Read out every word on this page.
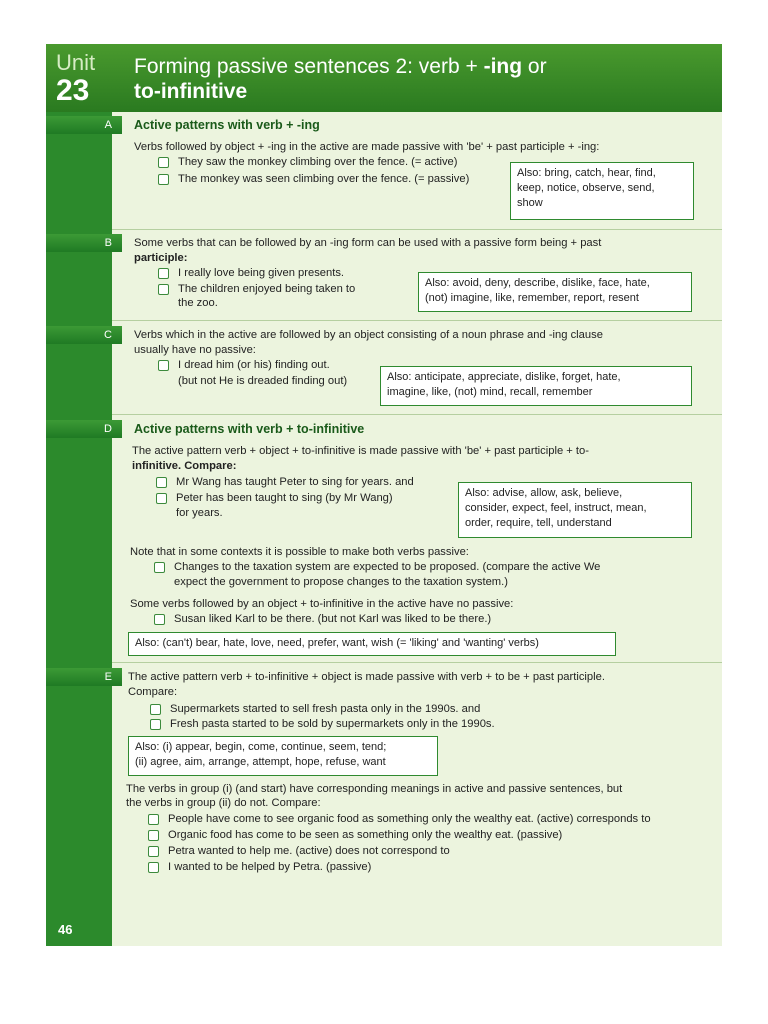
Unit
23
Forming passive sentences 2: verb + -ing or
to-infinitive
A	Active patterns with verb + -ing
Verbs followed by object + -ing in the active are made passive with 'be' + past participle + -ing:
They saw the monkey climbing over the fence. (= active)
The monkey was seen climbing over the fence. (= passive)	Also: bring, catch, hear, find,
keep, notice, observe, send,
show
B	Some verbs that can be followed by an -ing form can be used with a passive form being + past
participle:
I really love being given presents.
The children enjoyed being taken to
the zoo.
Also: avoid, deny, describe, dislike, face, hate,
(not) imagine, like, remember, report, resent
C	Verbs which in the active are followed by an object consisting of a noun phrase and -ing clause
usually have no passive:
I dread him (or his) finding out.
(but not He is dreaded finding out)	Also: anticipate, appreciate, dislike, forget, hate,
imagine, like, (not) mind, recall, remember
D	Active patterns with verb + to-infinitive
The active pattern verb + object + to-infinitive is made passive with 'be' + past participle + to-
infinitive. Compare:
Mr Wang has taught Peter to sing for years. and
Peter has been taught to sing (by Mr Wang)
for years.
Also: advise, allow, ask, believe,
consider, expect, feel, instruct, mean,
order, require, tell, understand
Note that in some contexts it is possible to make both verbs passive:
Changes to the taxation system are expected to be proposed. (compare the active We
expect the government to propose changes to the taxation system.)
Some verbs followed by an object + to-infinitive in the active have no passive:
Susan liked Karl to be there. (but not Karl was liked to be there.)
Also: (can't) bear, hate, love, need, prefer, want, wish (= 'liking' and 'wanting' verbs)
E	The active pattern verb + to-infinitive + object is made passive with verb + to be + past participle.
Compare:
Supermarkets started to sell fresh pasta only in the 1990s. and
Fresh pasta started to be sold by supermarkets only in the 1990s.
Also: (i) appear, begin, come, continue, seem, tend;
(ii) agree, aim, arrange, attempt, hope, refuse, want
The verbs in group (i) (and start) have corresponding meanings in active and passive sentences, but
the verbs in group (ii) do not. Compare:
People have come to see organic food as something only the wealthy eat. (active) corresponds to
Organic food has come to be seen as something only the wealthy eat. (passive)
Petra wanted to help me. (active) does not correspond to
I wanted to be helped by Petra. (passive)
46
